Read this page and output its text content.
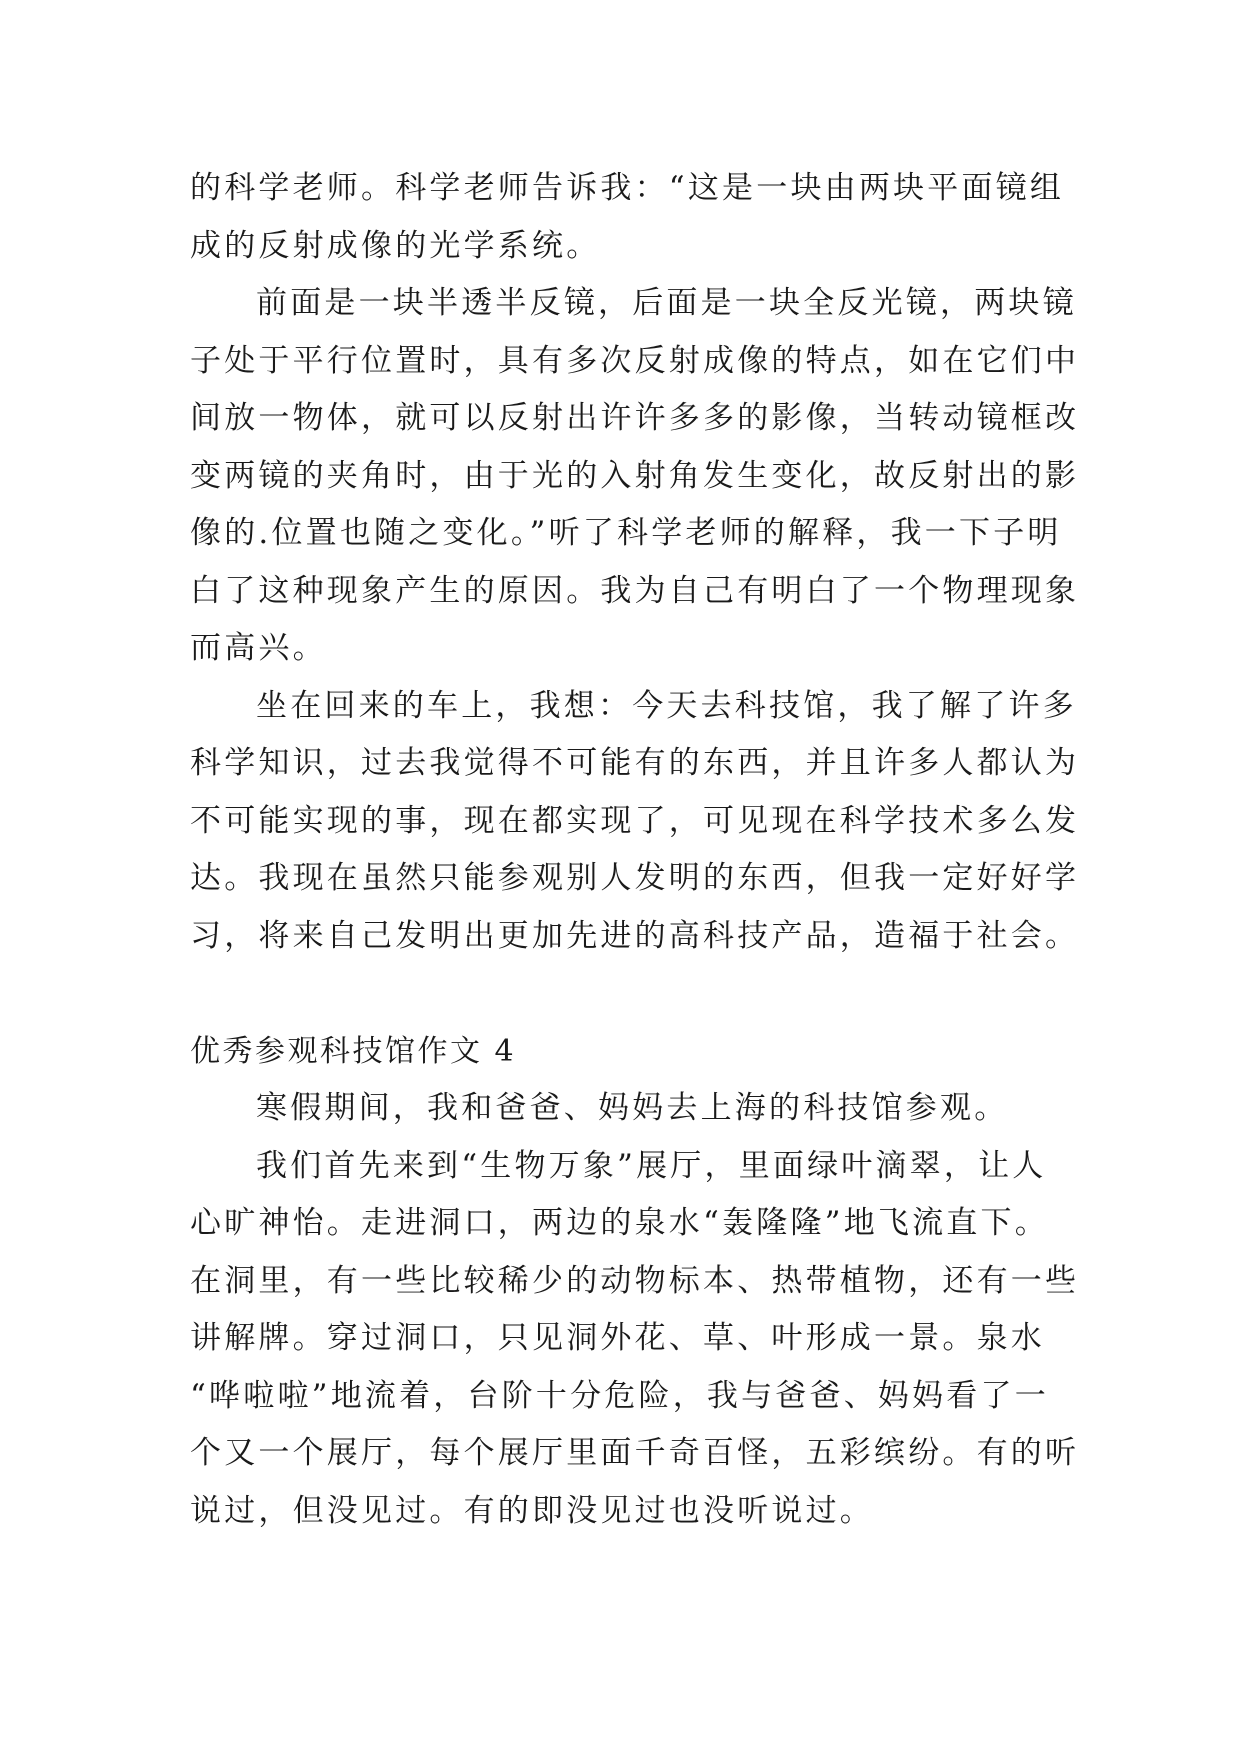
的科学老师。科学老师告诉我：“这是一块由两块平面镜组
成的反射成像的光学系统。
前面是一块半透半反镜，后面是一块全反光镜，两块镜
子处于平行位置时，具有多次反射成像的特点，如在它们中
间放一物体，就可以反射出许许多多的影像，当转动镜框改
变两镜的夹角时，由于光的入射角发生变化，故反射出的影
像的.位置也随之变化。”听了科学老师的解释，我一下子明
白了这种现象产生的原因。我为自己有明白了一个物理现象
而高兴。
坐在回来的车上，我想：今天去科技馆，我了解了许多
科学知识，过去我觉得不可能有的东西，并且许多人都认为
不可能实现的事，现在都实现了，可见现在科学技术多么发
达。我现在虽然只能参观别人发明的东西，但我一定好好学
习，将来自己发明出更加先进的高科技产品，造福于社会。
优秀参观科技馆作文 4
寒假期间，我和爸爸、妈妈去上海的科技馆参观。
我们首先来到“生物万象”展厅，里面绿叶滴翠，让人
心旷神怡。走进洞口，两边的泉水“轰隆隆”地飞流直下。
在洞里，有一些比较稀少的动物标本、热带植物，还有一些
讲解牌。穿过洞口，只见洞外花、草、叶形成一景。泉水
“哗啦啦”地流着，台阶十分危险，我与爸爸、妈妈看了一
个又一个展厅，每个展厅里面千奇百怪，五彩缤纷。有的听
说过，但没见过。有的即没见过也没听说过。
